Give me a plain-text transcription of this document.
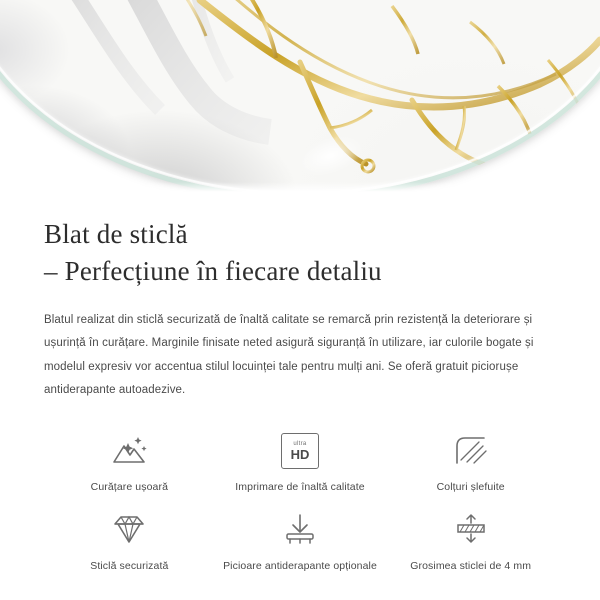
Blat de sticlă
– Perfecțiune în fiecare detaliu

Blatul realizat din sticlă securizată de înaltă calitate se remarcă prin rezistență la deteriorare și ușurință în curățare. Marginile finisate neted asigură siguranță în utilizare, iar culorile bogate și modelul expresiv vor accentua stilul locuinței tale pentru mulți ani. Se oferă gratuit piciorușe antiderapante autoadezive.

Curățare ușoară
ultra
HD
Imprimare de înaltă calitate	Colțuri șlefuite
Sticlă securizată	Picioare antiderapante opționale	Grosimea sticlei de 4 mm
